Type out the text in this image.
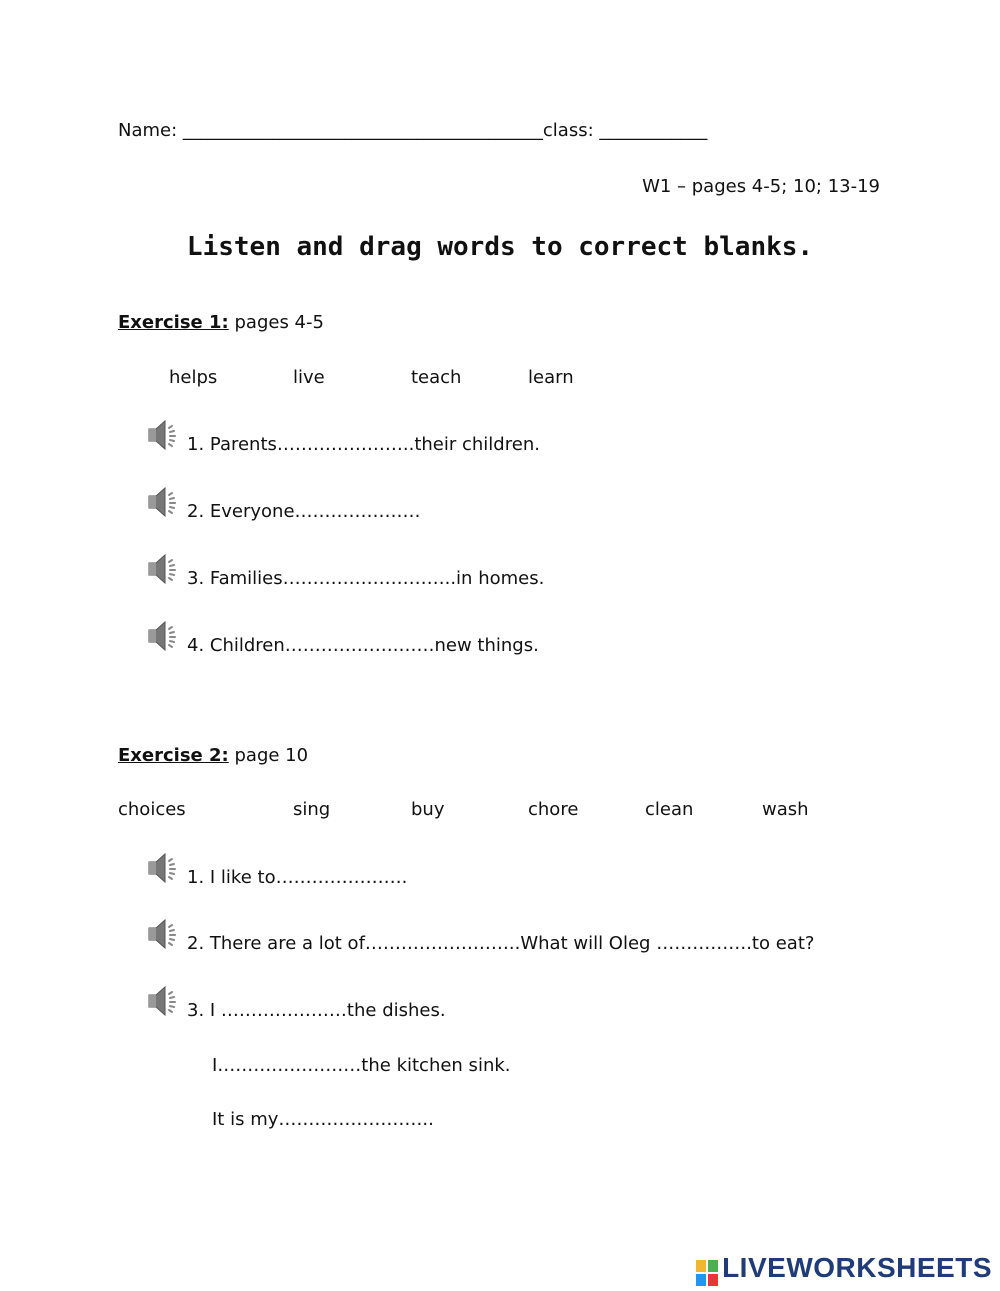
Name: ________________________________________class: ____________
W1 – pages 4-5; 10; 13-19
Listen and drag words to correct blanks.
Exercise 1: pages 4-5
helps	live	teach	learn
1. Parents…………………..their children.
2. Everyone…………………
3. Families………………………..in homes.
4. Children……………….……new things.
Exercise 2: page 10
choices	sing	buy	chore	clean	wash
1. I like to………………….
2. There are a lot of……………………..What will Oleg …………….to eat?
3. I …………………the dishes.
I……………………the kitchen sink.
It is my……………………..
LIVEWORKSHEETS
